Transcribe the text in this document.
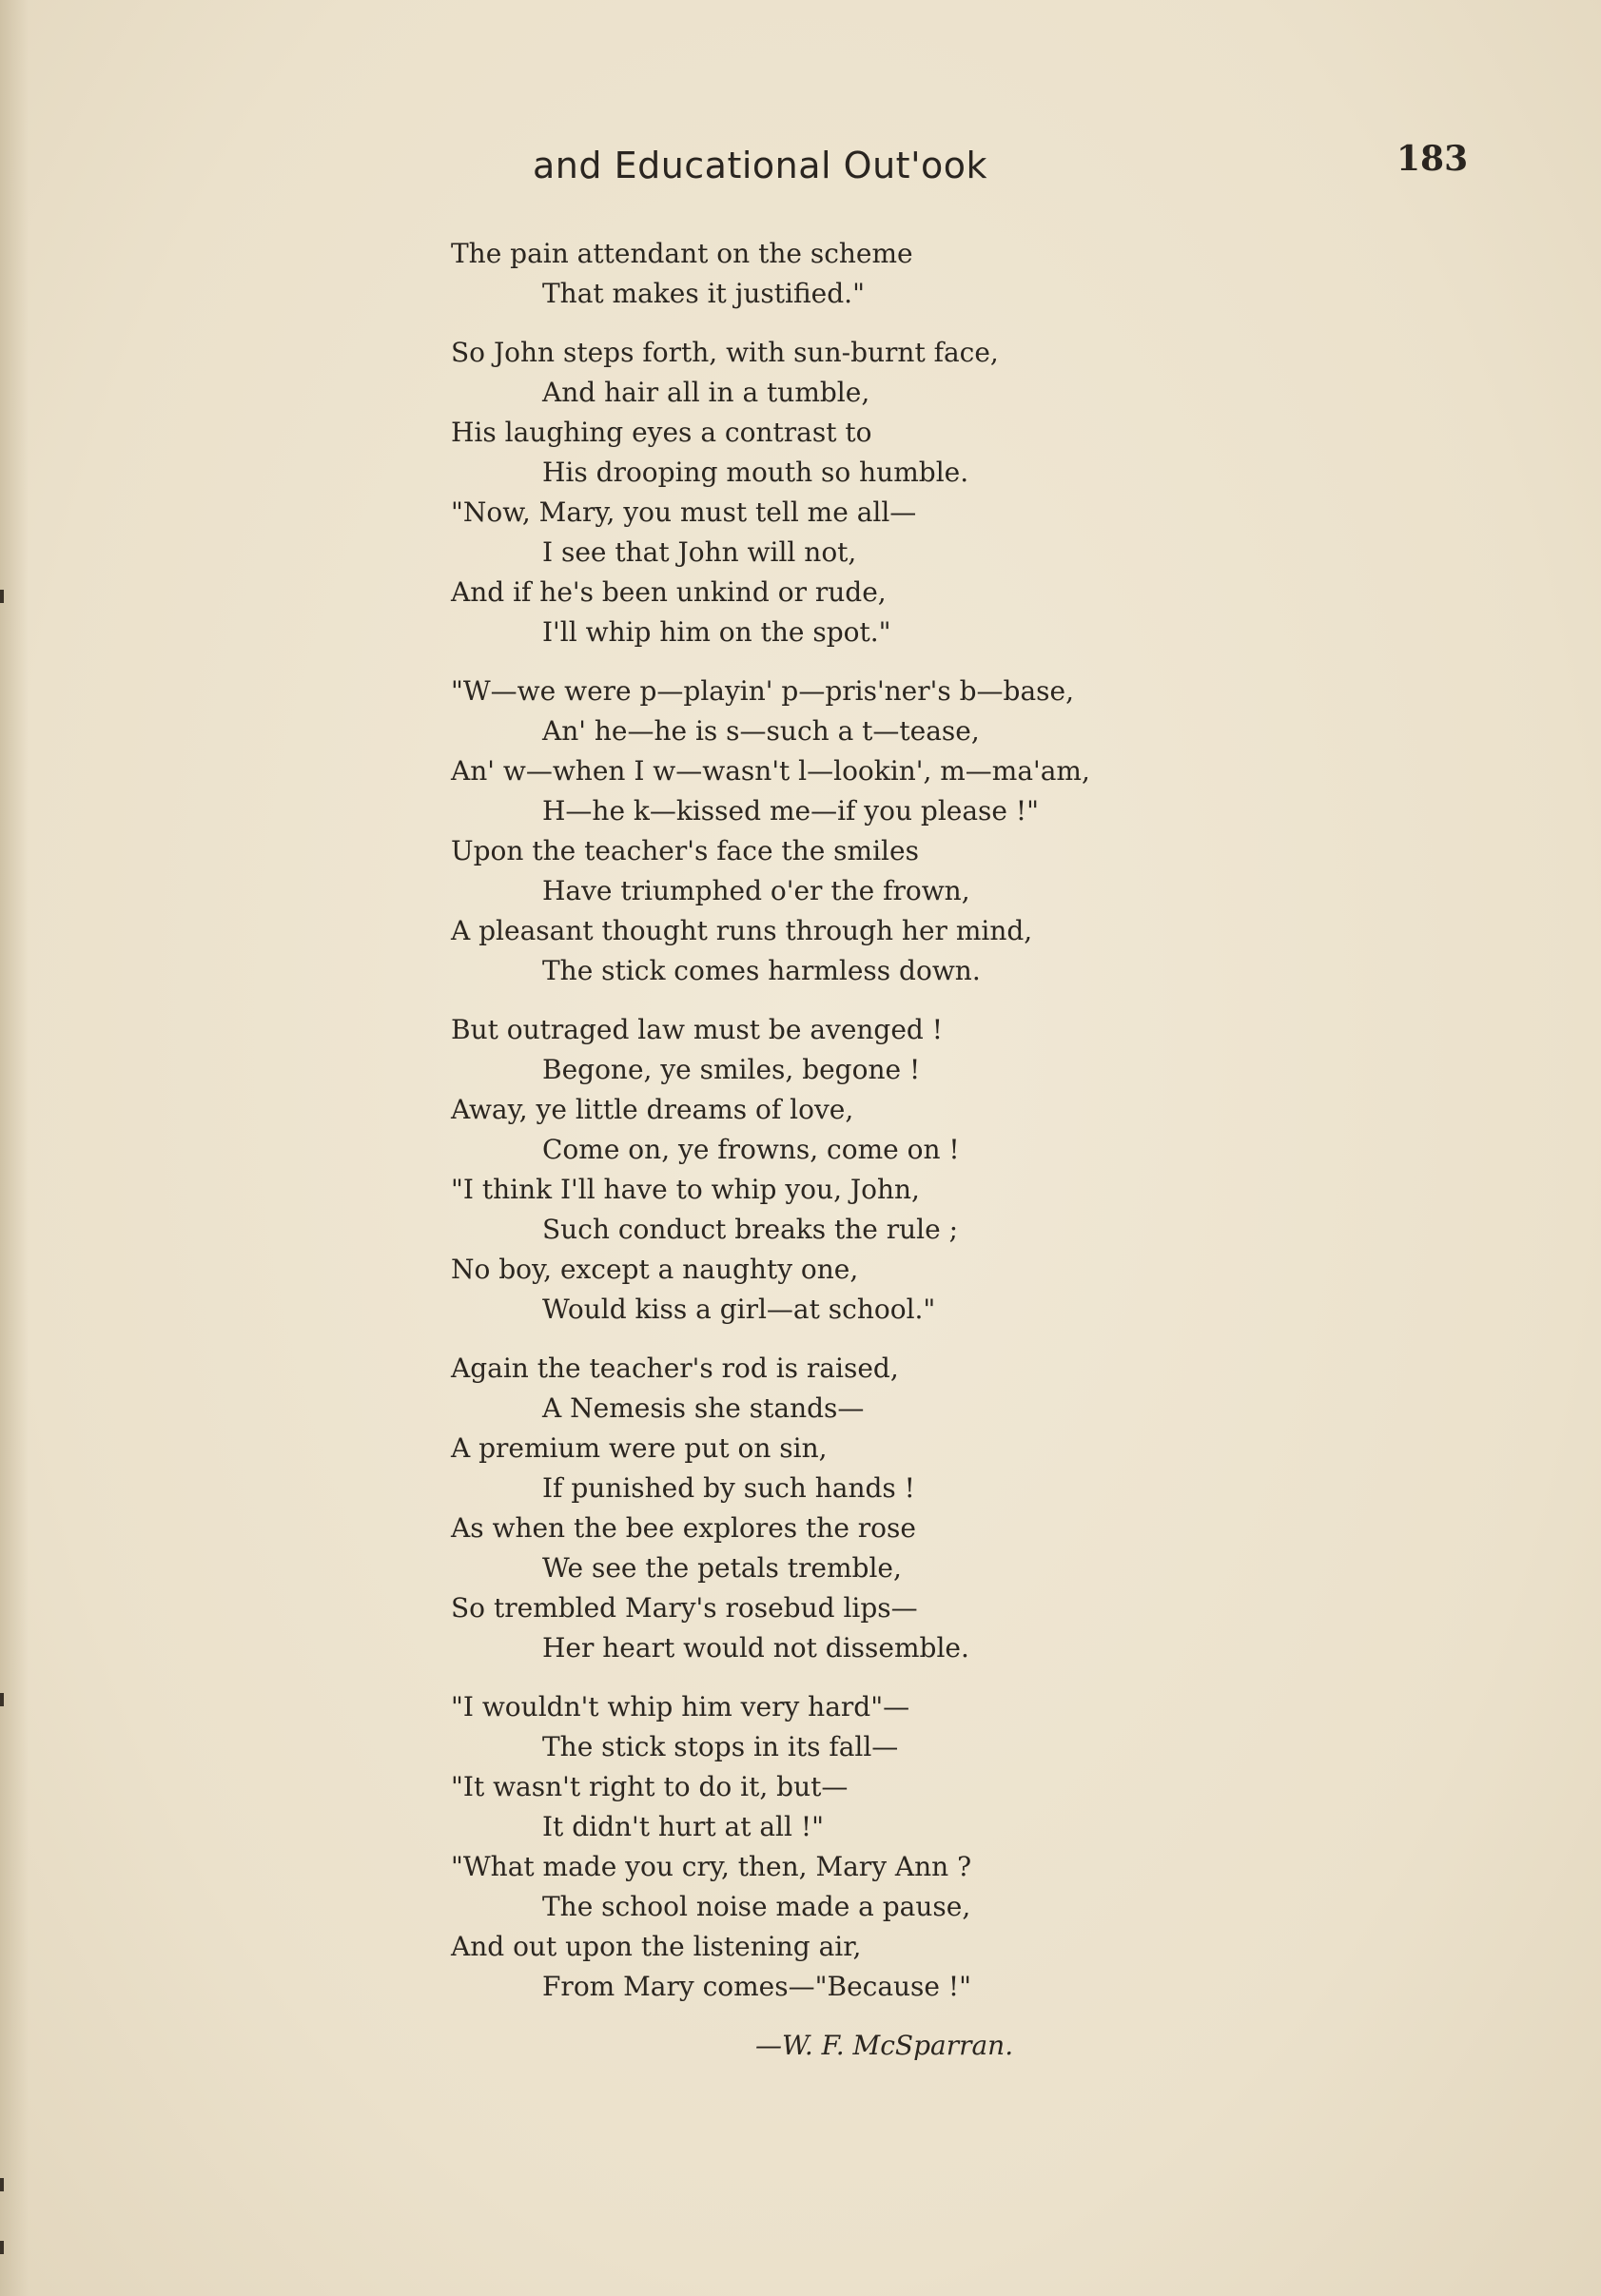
and Educational Out'ook	183
The pain attendant on the scheme
That makes it justified."
So John steps forth, with sun-burnt face,
And hair all in a tumble,
His laughing eyes a contrast to
His drooping mouth so humble.
"Now, Mary, you must tell me all—
I see that John will not,
And if he's been unkind or rude,
I'll whip him on the spot."
"W—we were p—playin' p—pris'ner's b—base,
An' he—he is s—such a t—tease,
An' w—when I w—wasn't l—lookin', m—ma'am,
H—he k—kissed me—if you please !"
Upon the teacher's face the smiles
Have triumphed o'er the frown,
A pleasant thought runs through her mind,
The stick comes harmless down.
But outraged law must be avenged !
Begone, ye smiles, begone !
Away, ye little dreams of love,
Come on, ye frowns, come on !
"I think I'll have to whip you, John,
Such conduct breaks the rule ;
No boy, except a naughty one,
Would kiss a girl—at school."
Again the teacher's rod is raised,
A Nemesis she stands—
A premium were put on sin,
If punished by such hands !
As when the bee explores the rose
We see the petals tremble,
So trembled Mary's rosebud lips—
Her heart would not dissemble.
"I wouldn't whip him very hard"—
The stick stops in its fall—
"It wasn't right to do it, but—
It didn't hurt at all !"
"What made you cry, then, Mary Ann ?
The school noise made a pause,
And out upon the listening air,
From Mary comes—"Because !"
—W. F. McSparran.
